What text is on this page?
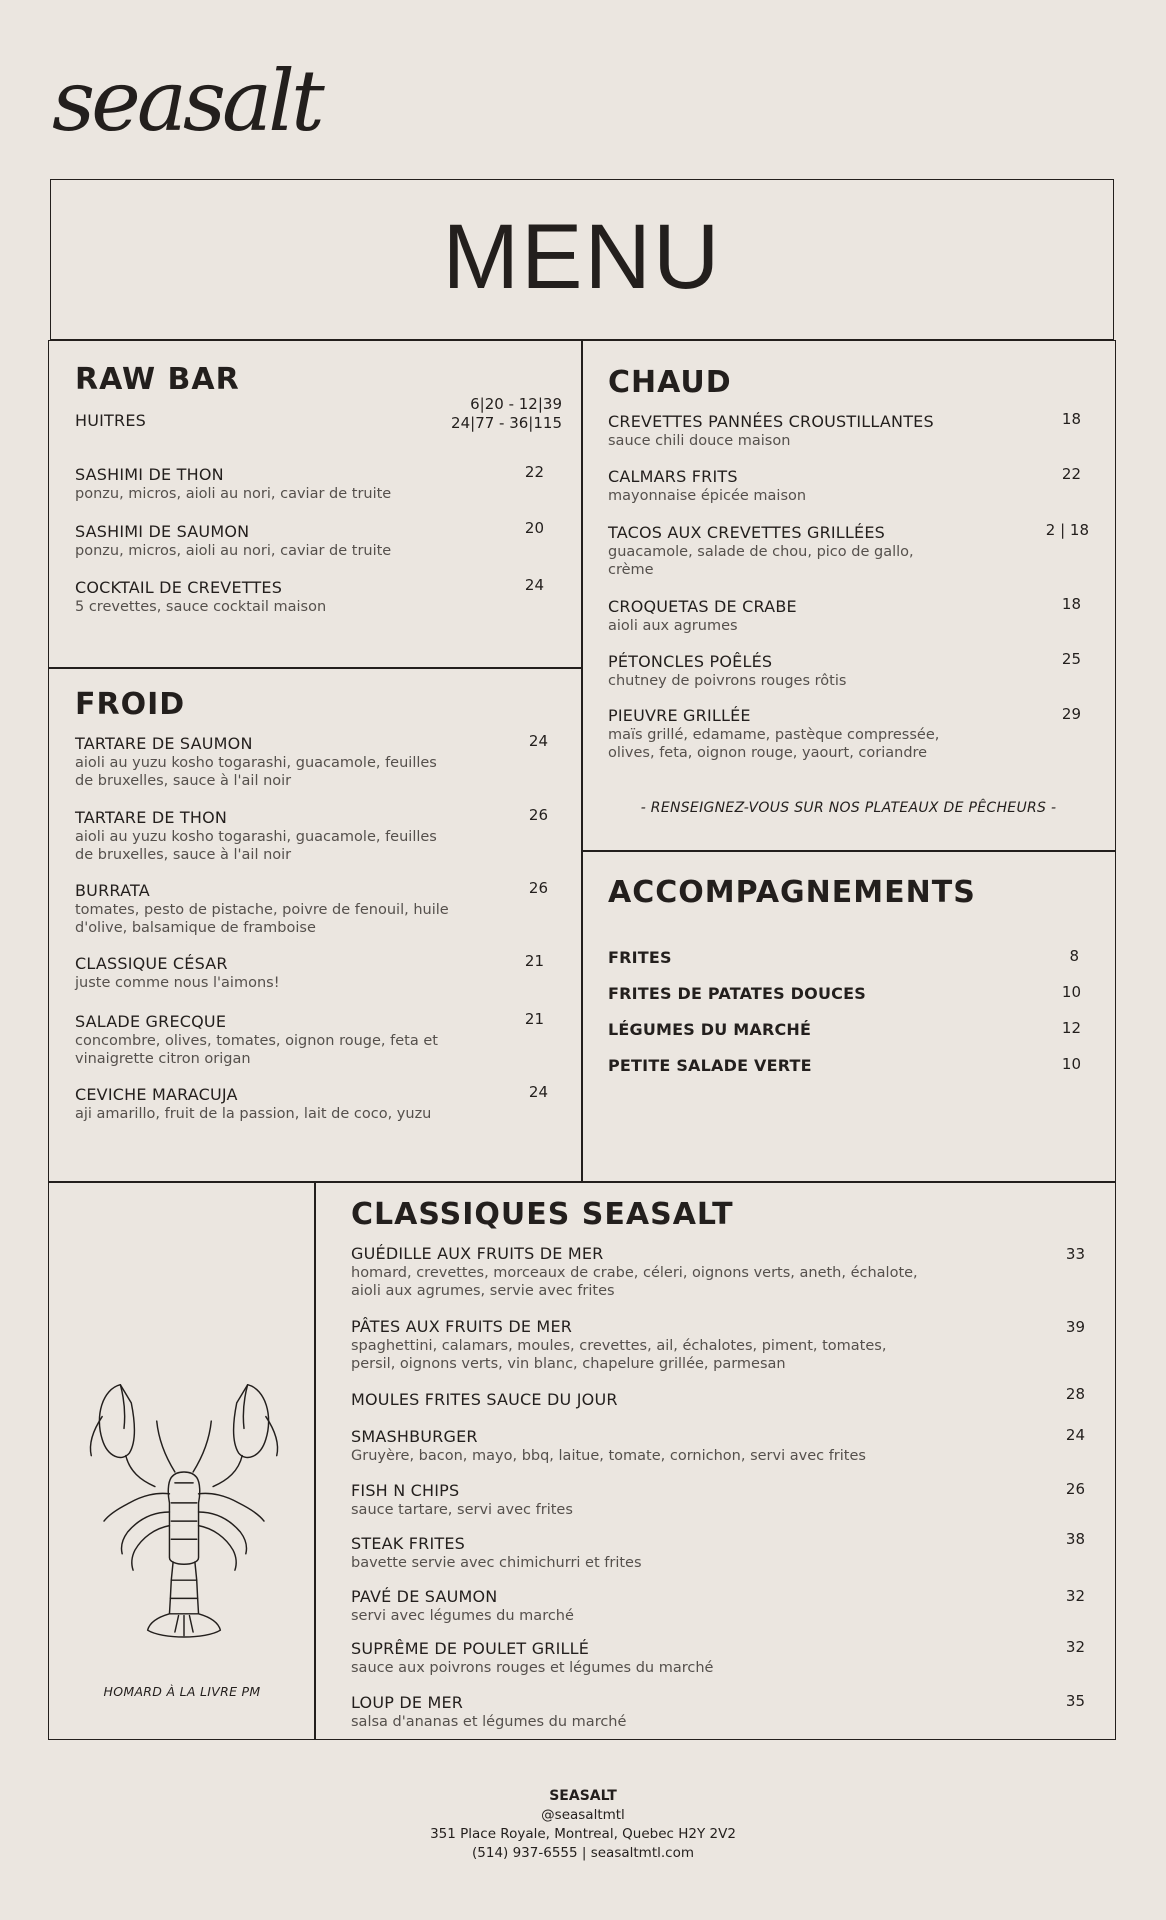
seasalt
MENU
RAW BAR
HUITRES
6|20 - 12|39
24|77 - 36|115
SASHIMI DE THON
ponzu, micros, aioli au nori, caviar de truite
22
SASHIMI DE SAUMON
ponzu, micros, aioli au nori, caviar de truite
20
COCKTAIL DE CREVETTES
5 crevettes, sauce cocktail maison
24
FROID
TARTARE DE SAUMON
aioli au yuzu kosho togarashi, guacamole, feuilles
de bruxelles, sauce à l'ail noir
24
TARTARE DE THON
aioli au yuzu kosho togarashi, guacamole, feuilles
de bruxelles, sauce à l'ail noir
26
BURRATA
tomates, pesto de pistache, poivre de fenouil, huile
d'olive, balsamique de framboise
26
CLASSIQUE CÉSAR
juste comme nous l'aimons!
21
SALADE GRECQUE
concombre, olives, tomates, oignon rouge, feta et
vinaigrette citron origan
21
CEVICHE MARACUJA
aji amarillo, fruit de la passion, lait de coco, yuzu
24
CHAUD
CREVETTES PANNÉES CROUSTILLANTES
sauce chili douce maison
18
CALMARS FRITS
mayonnaise épicée maison
22
TACOS AUX CREVETTES GRILLÉES
guacamole, salade de chou, pico de gallo,
crème
2 | 18
CROQUETAS DE CRABE
aioli aux agrumes
18
PÉTONCLES POÊLÉS
chutney de poivrons rouges rôtis
25
PIEUVRE GRILLÉE
maïs grillé, edamame, pastèque compressée,
olives, feta, oignon rouge, yaourt, coriandre
29
- RENSEIGNEZ-VOUS SUR NOS PLATEAUX DE PÊCHEURS -
ACCOMPAGNEMENTS
FRITES	8
FRITES DE PATATES DOUCES	10
LÉGUMES DU MARCHÉ	12
PETITE SALADE VERTE	10
HOMARD À LA LIVRE PM
CLASSIQUES SEASALT
GUÉDILLE AUX FRUITS DE MER
homard, crevettes, morceaux de crabe, céleri, oignons verts, aneth, échalote,
aioli aux agrumes, servie avec frites
33
PÂTES AUX FRUITS DE MER
spaghettini, calamars, moules, crevettes, ail, échalotes, piment, tomates,
persil, oignons verts, vin blanc, chapelure grillée, parmesan
39
MOULES FRITES SAUCE DU JOUR	28
SMASHBURGER
Gruyère, bacon, mayo, bbq, laitue, tomate, cornichon, servi avec frites
24
FISH N CHIPS
sauce tartare, servi avec frites
26
STEAK FRITES
bavette servie avec chimichurri et frites
38
PAVÉ DE SAUMON
servi avec légumes du marché
32
SUPRÊME DE POULET GRILLÉ
sauce aux poivrons rouges et légumes du marché
32
LOUP DE MER
salsa d'ananas et légumes du marché
35
SEASALT
@seasaltmtl
351 Place Royale, Montreal, Quebec H2Y 2V2
(514) 937-6555 | seasaltmtl.com
